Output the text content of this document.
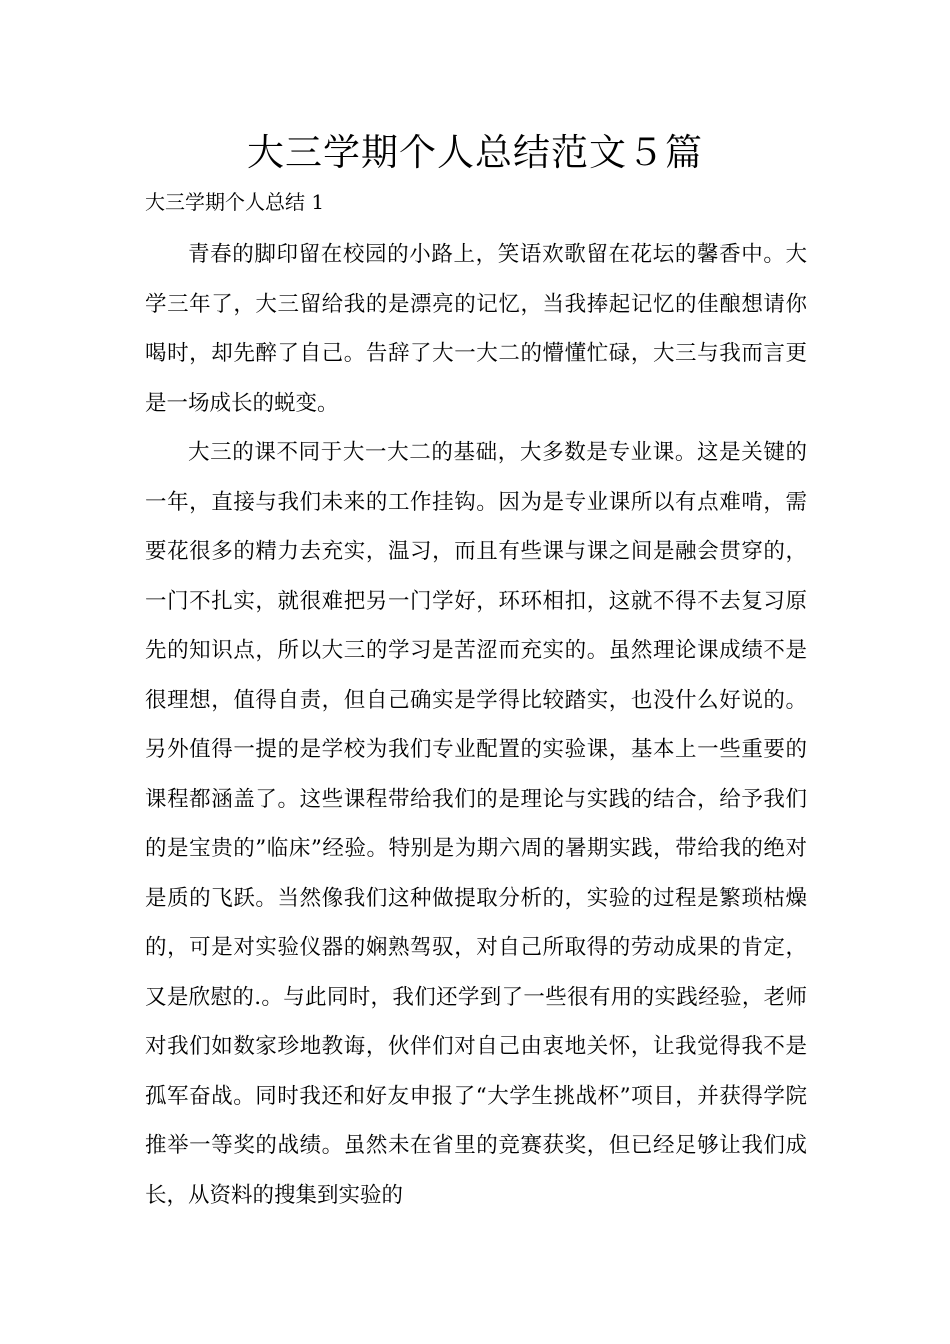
大三学期个人总结范文５篇
大三学期个人总结 1

青春的脚印留在校园的小路上，笑语欢歌留在花坛的馨香中。大学三年了，大三留给我的是漂亮的记忆，当我捧起记忆的佳酿想请你喝时，却先醉了自己。告辞了大一大二的懵懂忙碌，大三与我而言更是一场成长的蜕变。

大三的课不同于大一大二的基础，大多数是专业课。这是关键的一年，直接与我们未来的工作挂钩。因为是专业课所以有点难啃，需要花很多的精力去充实，温习，而且有些课与课之间是融会贯穿的，一门不扎实，就很难把另一门学好，环环相扣，这就不得不去复习原先的知识点，所以大三的学习是苦涩而充实的。虽然理论课成绩不是很理想，值得自责，但自己确实是学得比较踏实，也没什么好说的。另外值得一提的是学校为我们专业配置的实验课，基本上一些重要的课程都涵盖了。这些课程带给我们的是理论与实践的结合，给予我们的是宝贵的”临床”经验。特别是为期六周的暑期实践，带给我的绝对是质的飞跃。当然像我们这种做提取分析的，实验的过程是繁琐枯燥的，可是对实验仪器的娴熟驾驭，对自己所取得的劳动成果的肯定，又是欣慰的.。与此同时，我们还学到了一些很有用的实践经验，老师对我们如数家珍地教诲，伙伴们对自己由衷地关怀，让我觉得我不是孤军奋战。同时我还和好友申报了“大学生挑战杯”项目，并获得学院推举一等奖的战绩。虽然未在省里的竞赛获奖，但已经足够让我们成长，从资料的搜集到实验的
